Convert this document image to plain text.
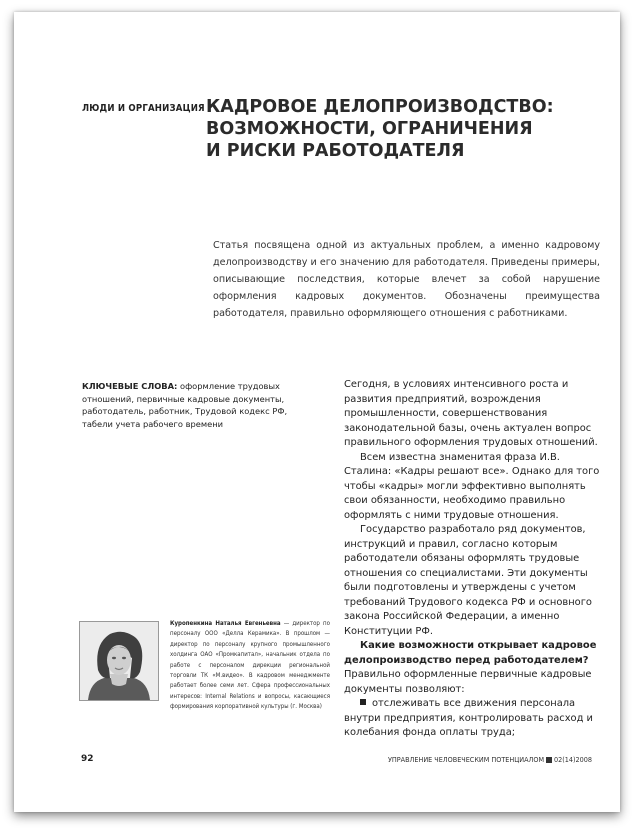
ЛЮДИ И ОРГАНИЗАЦИЯ КАДРОВОЕ ДЕЛОПРОИЗВОДСТВО:
ВОЗМОЖНОСТИ, ОГРАНИЧЕНИЯ
И РИСКИ РАБОТОДАТЕЛЯ

Статья посвящена одной из актуальных проблем, а именно кадровому делопроизводству и его значению для работодателя. Приведены примеры, описывающие последствия, которые влечет за собой нарушение оформления кадровых документов. Обозначены преимущества работодателя, правильно оформляющего отношения с работниками.

КЛЮЧЕВЫЕ СЛОВА: оформление трудовых отношений, первичные кадровые документы, работодатель, работник, Трудовой кодекс РФ, табели учета рабочего времени

Сегодня, в условиях интенсивного роста и развития предприятий, возрождения промышленности, совершенствования законодательной базы, очень актуален вопрос правильного оформления трудовых отношений.

Всем известна знаменитая фраза И.В. Сталина: «Кадры решают все». Однако для того чтобы «кадры» могли эффективно выполнять свои обязанности, необходимо правильно оформлять с ними трудовые отношения.

Государство разработало ряд документов, инструкций и правил, согласно которым работодатели обязаны оформлять трудовые отношения со специалистами. Эти документы были подготовлены и утверждены с учетом требований Трудового кодекса РФ и основного закона Российской Федерации, а именно Конституции РФ.

Какие возможности открывает кадровое делопроизводство перед работодателем?

Правильно оформленные первичные кадровые документы позволяют:

отслеживать все движения персонала внутри предприятия, контролировать расход и колебания фонда оплаты труда;

Куропенкина Наталья Евгеньевна — директор по персоналу ООО «Делла Керамика». В прошлом — директор по персоналу крупного промышленного холдинга ОАО «Промкапитал», начальник отдела по работе с персоналом дирекции региональной торговли ТК «М.видео». В кадровом менеджменте работает более семи лет. Сфера профессиональных интересов: Internal Relations и вопросы, касающиеся формирования корпоративной культуры (г. Москва)

92	УПРАВЛЕНИЕ ЧЕЛОВЕЧЕСКИМ ПОТЕНЦИАЛОМ 02(14)2008
